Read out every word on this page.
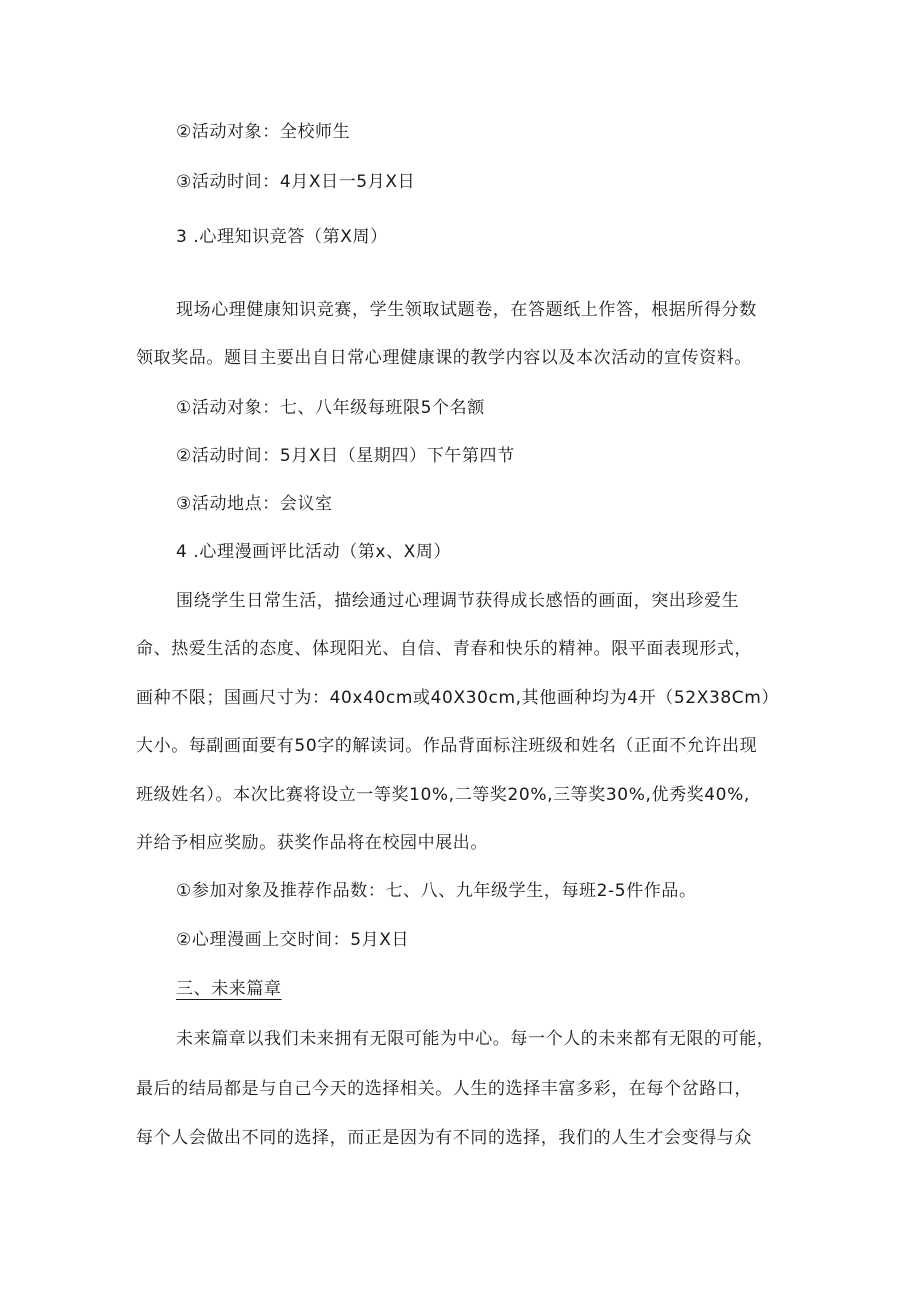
②活动对象：全校师生
③活动时间：4月X日一5月X日
3 .心理知识竞答（第X周）
现场心理健康知识竞赛，学生领取试题卷，在答题纸上作答，根据所得分数
领取奖品。题目主要出自日常心理健康课的教学内容以及本次活动的宣传资料。
①活动对象：七、八年级每班限5个名额
②活动时间：5月X日（星期四）下午第四节
③活动地点：会议室
4 .心理漫画评比活动（第x、X周）
围绕学生日常生活，描绘通过心理调节获得成长感悟的画面，突出珍爱生
命、热爱生活的态度、体现阳光、自信、青春和快乐的精神。限平面表现形式，
画种不限；国画尺寸为：40x40cm或40X30cm,其他画种均为4开（52X38Cm）
大小。每副画面要有50字的解读词。作品背面标注班级和姓名（正面不允许出现
班级姓名）。本次比赛将设立一等奖10%,二等奖20%,三等奖30%,优秀奖40%,
并给予相应奖励。获奖作品将在校园中展出。
①参加对象及推荐作品数：七、八、九年级学生，每班2-5件作品。
②心理漫画上交时间：5月X日
三、未来篇章
未来篇章以我们未来拥有无限可能为中心。每一个人的未来都有无限的可能，
最后的结局都是与自己今天的选择相关。人生的选择丰富多彩，在每个岔路口，
每个人会做出不同的选择，而正是因为有不同的选择，我们的人生才会变得与众
